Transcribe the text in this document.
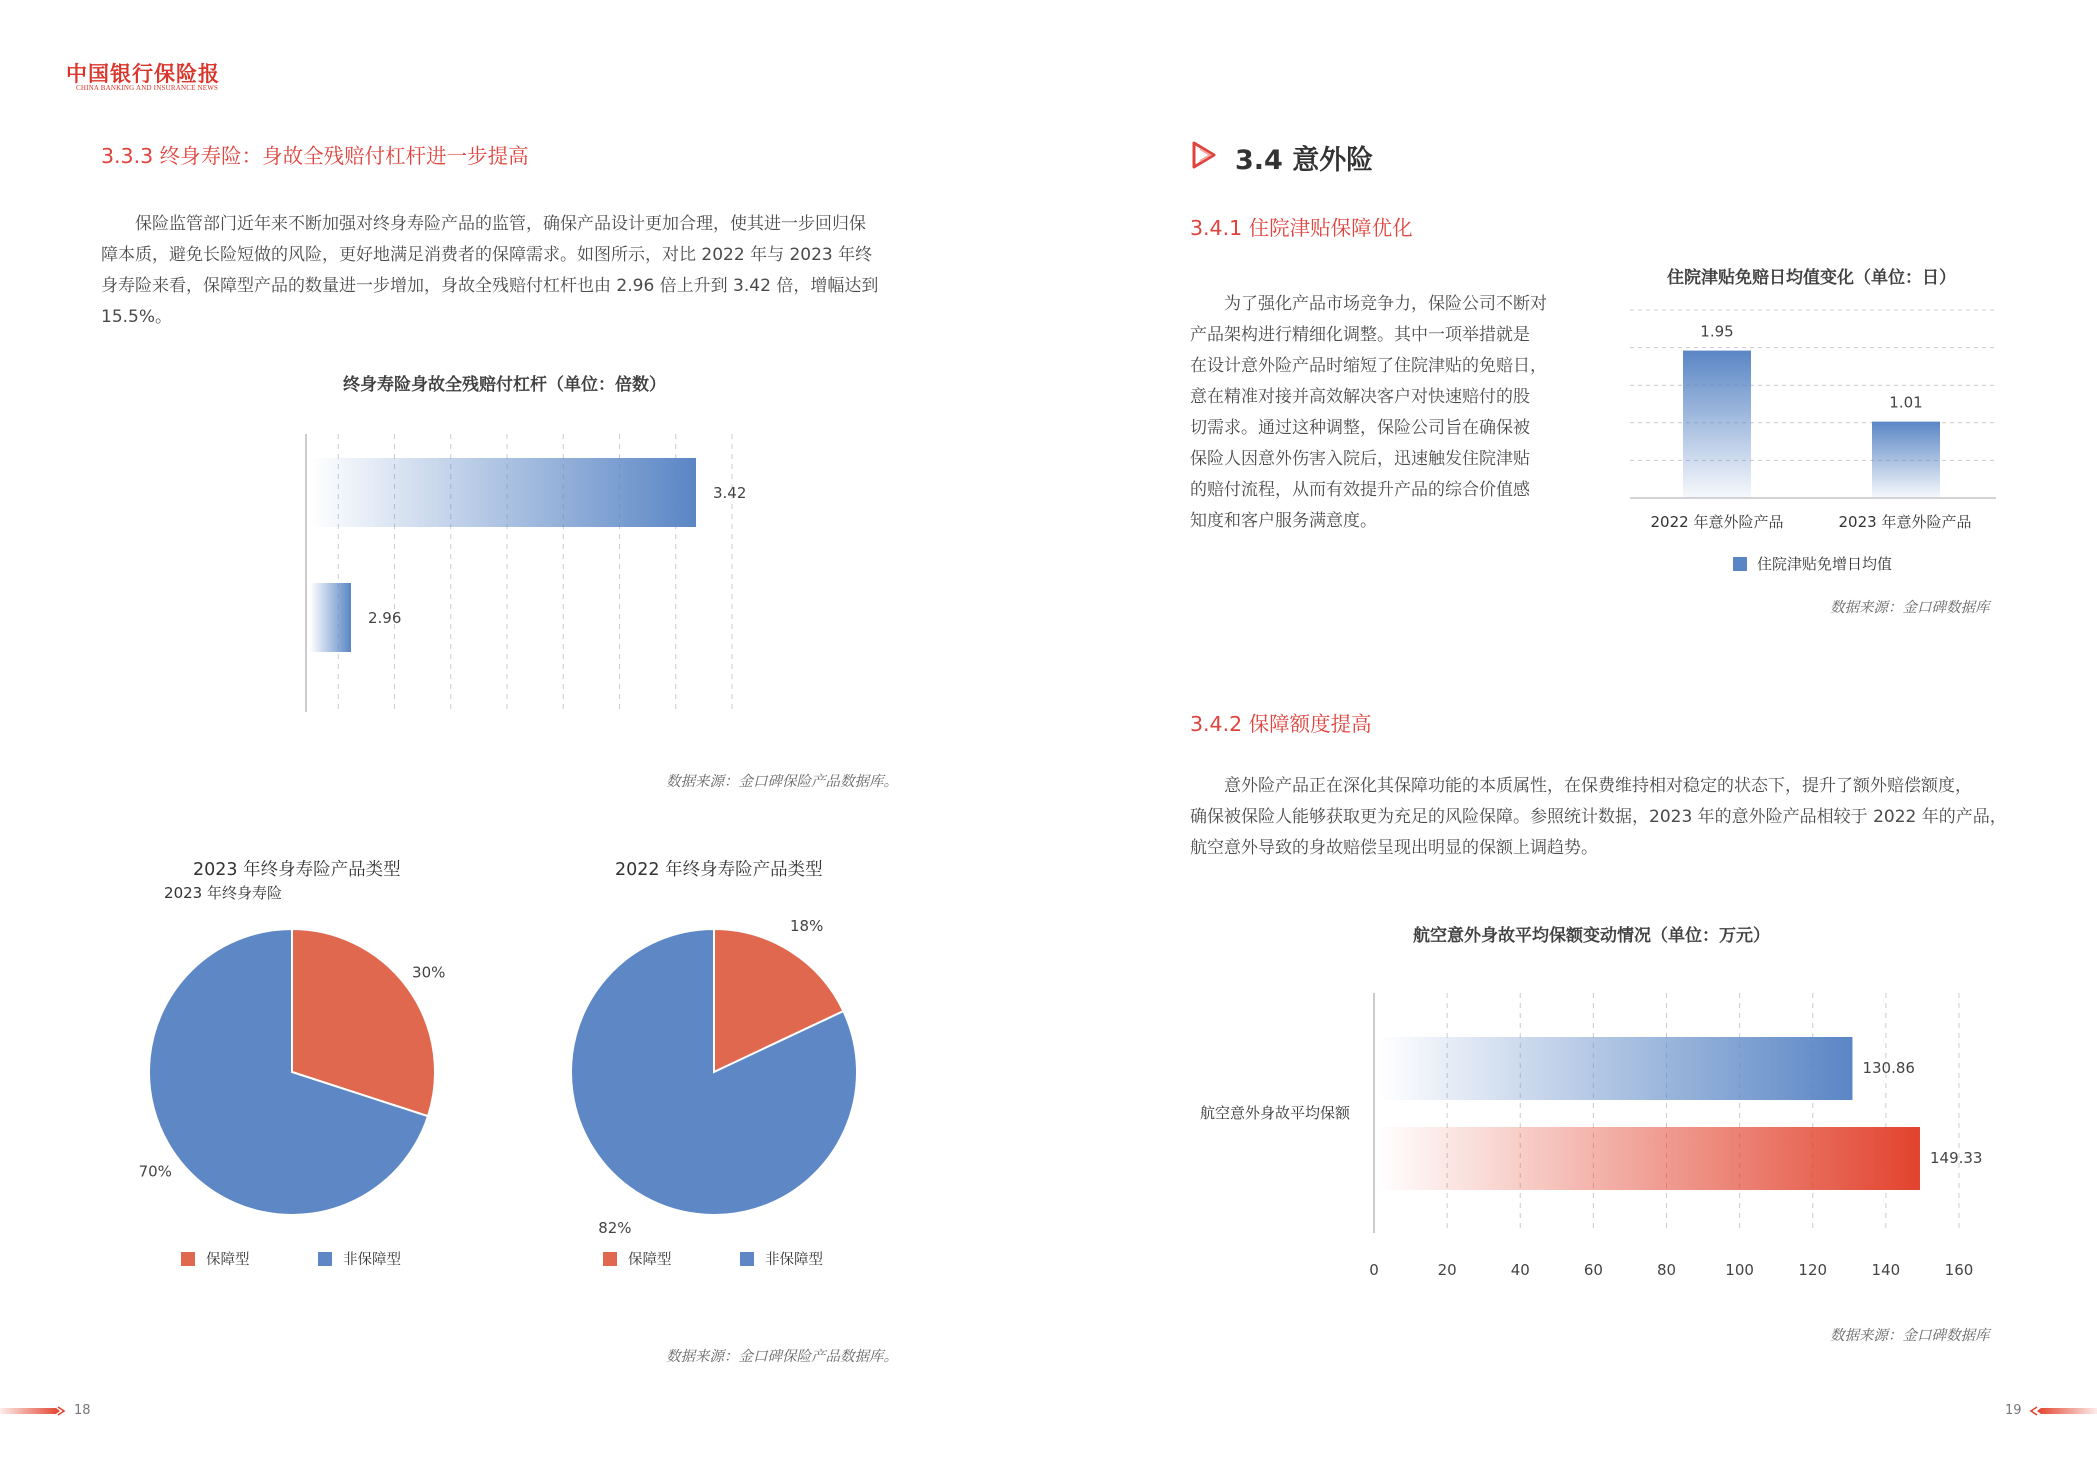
中国银行保险报
CHINA BANKING AND INSURANCE NEWS
3.3.3 终身寿险：身故全残赔付杠杆进一步提高
保险监管部门近年来不断加强对终身寿险产品的监管，确保产品设计更加合理，使其进一步回归保
障本质，避免长险短做的风险，更好地满足消费者的保障需求。如图所示，对比 2022 年与 2023 年终
身寿险来看，保障型产品的数量进一步增加，身故全残赔付杠杆也由 2.96 倍上升到 3.42 倍，增幅达到
15.5%。
终身寿险身故全残赔付杠杆（单位：倍数）
3.42
2.96
2023 年终身寿险
数据来源：金口碑保险产品数据库。
2023 年终身寿险产品类型	2022 年终身寿险产品类型
30%
70%
18%
82%
保障型	非保障型	保障型	非保障型
数据来源：金口碑保险产品数据库。
18
3.4 意外险
3.4.1 住院津贴保障优化
为了强化产品市场竞争力，保险公司不断对
产品架构进行精细化调整。其中一项举措就是
在设计意外险产品时缩短了住院津贴的免赔日，
意在精准对接并高效解决客户对快速赔付的股
切需求。通过这种调整，保险公司旨在确保被
保险人因意外伤害入院后，迅速触发住院津贴
的赔付流程，从而有效提升产品的综合价值感
知度和客户服务满意度。
住院津贴免赔日均值变化（单位：日）
1.95
1.01
2022 年意外险产品	2023 年意外险产品
住院津贴免增日均值
数据来源：金口碑数据库
3.4.2 保障额度提高
意外险产品正在深化其保障功能的本质属性，在保费维持相对稳定的状态下，提升了额外赔偿额度，
确保被保险人能够获取更为充足的风险保障。参照统计数据，2023 年的意外险产品相较于 2022 年的产品，
航空意外导致的身故赔偿呈现出明显的保额上调趋势。
航空意外身故平均保额变动情况（单位：万元）
130.86
149.33
0	20	40	60	80	100	120	140	160
航空意外身故平均保额
数据来源：金口碑数据库
19
